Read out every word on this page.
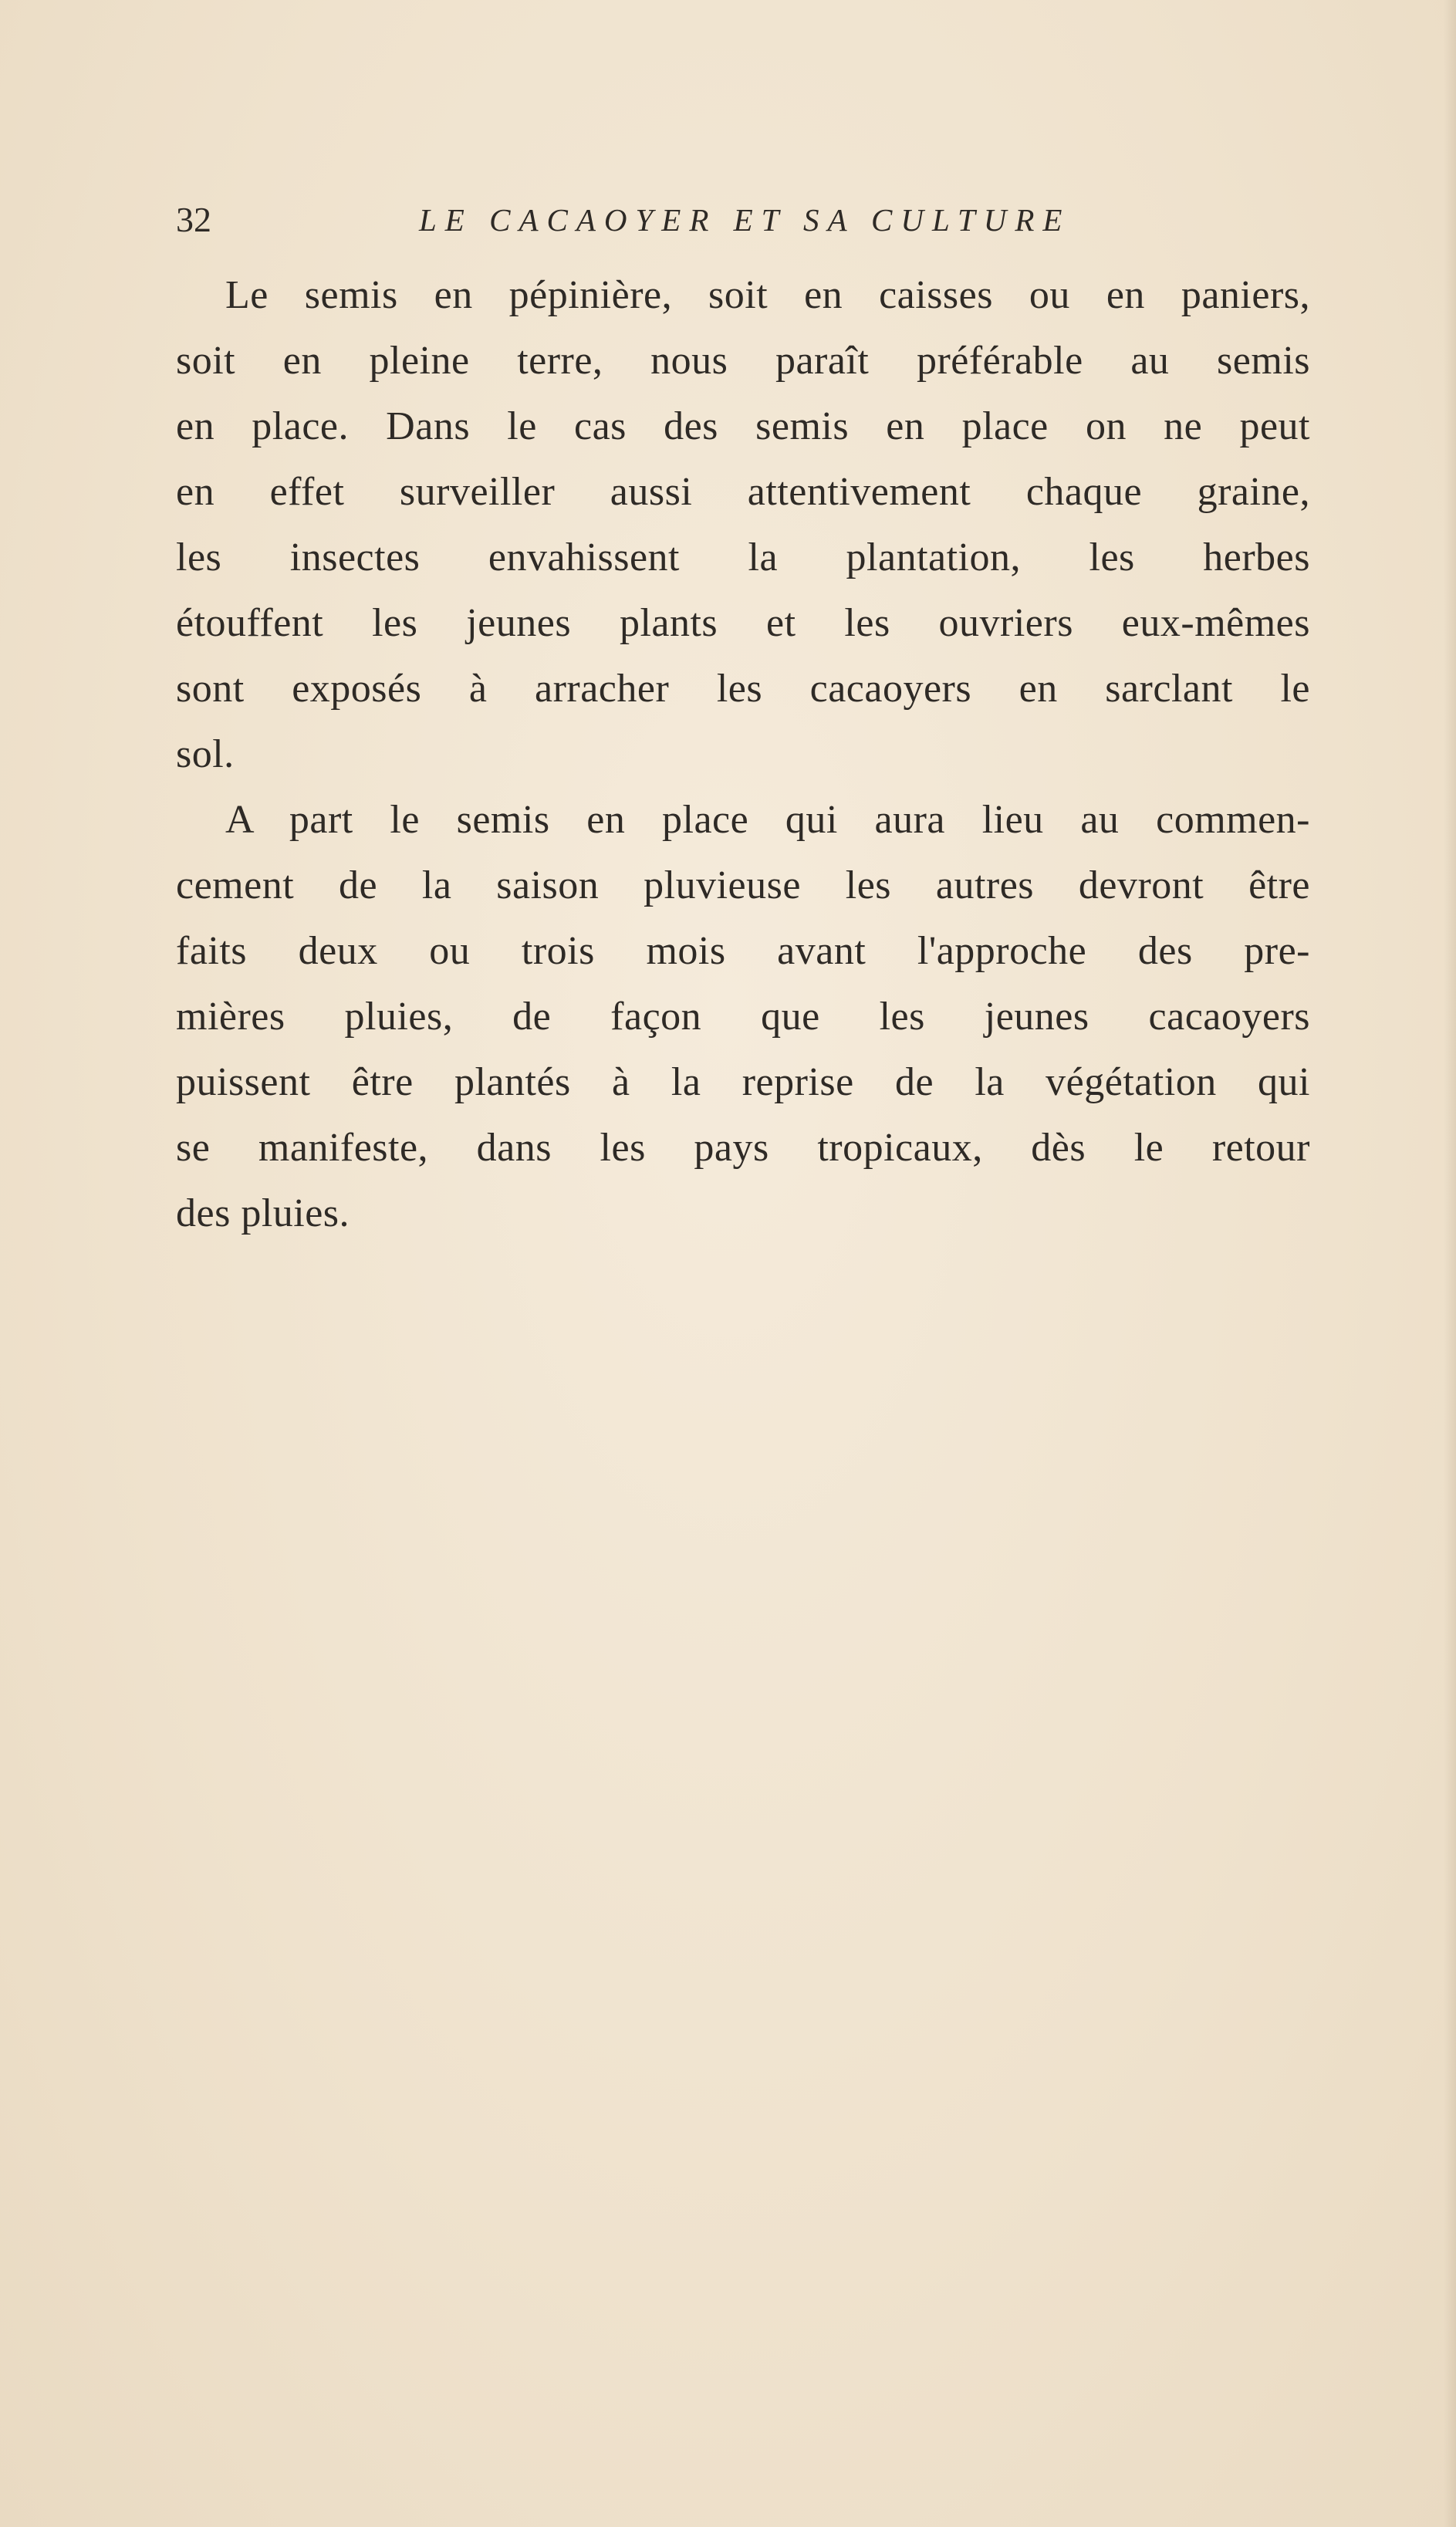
32	LE CACAOYER ET SA CULTURE
Le semis en pépinière, soit en caisses ou en paniers,
soit en pleine terre, nous paraît préférable au semis
en place. Dans le cas des semis en place on ne peut
en effet surveiller aussi attentivement chaque graine,
les insectes envahissent la plantation, les herbes
étouffent les jeunes plants et les ouvriers eux-mêmes
sont exposés à arracher les cacaoyers en sarclant le
sol.
A part le semis en place qui aura lieu au commen-
cement de la saison pluvieuse les autres devront être
faits deux ou trois mois avant l'approche des pre-
mières pluies, de façon que les jeunes cacaoyers
puissent être plantés à la reprise de la végétation qui
se manifeste, dans les pays tropicaux, dès le retour
des pluies.
